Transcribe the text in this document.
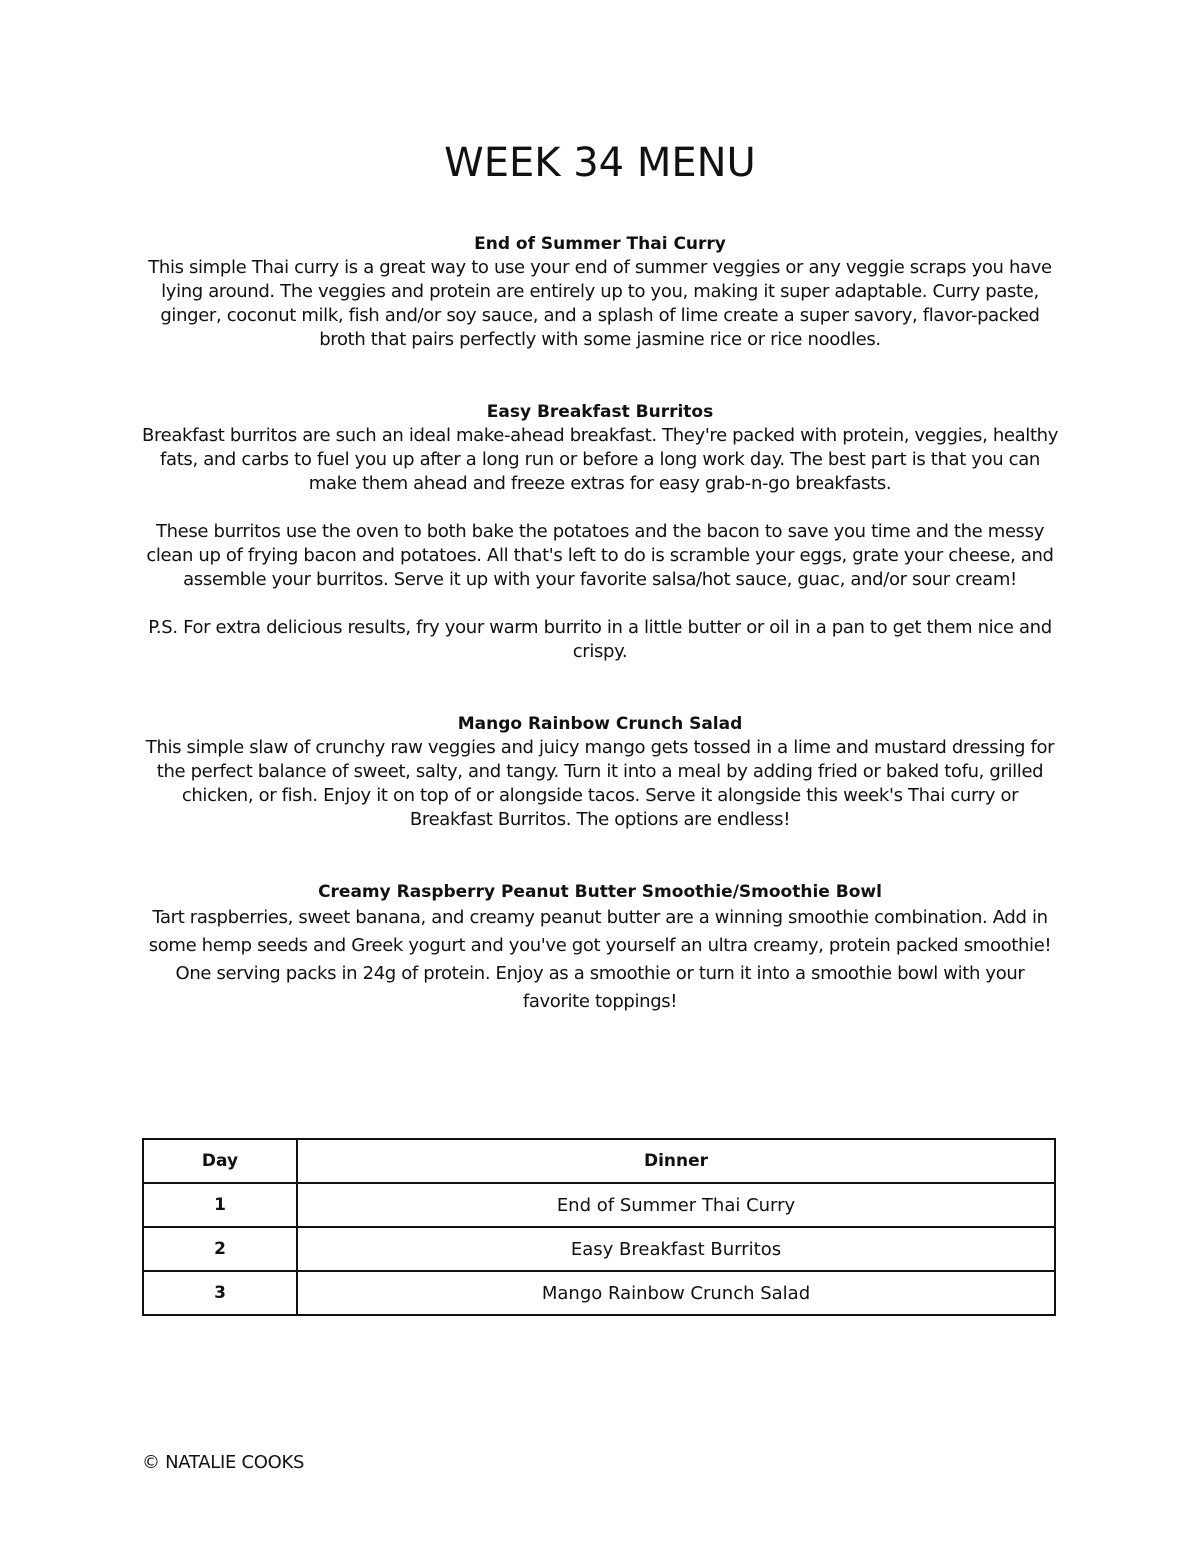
WEEK 34 MENU

End of Summer Thai Curry

This simple Thai curry is a great way to use your end of summer veggies or any veggie scraps you have lying around. The veggies and protein are entirely up to you, making it super adaptable. Curry paste, ginger, coconut milk, fish and/or soy sauce, and a splash of lime create a super savory, flavor-packed broth that pairs perfectly with some jasmine rice or rice noodles.

Easy Breakfast Burritos

Breakfast burritos are such an ideal make-ahead breakfast. They're packed with protein, veggies, healthy fats, and carbs to fuel you up after a long run or before a long work day. The best part is that you can make them ahead and freeze extras for easy grab-n-go breakfasts.

These burritos use the oven to both bake the potatoes and the bacon to save you time and the messy clean up of frying bacon and potatoes. All that's left to do is scramble your eggs, grate your cheese, and assemble your burritos. Serve it up with your favorite salsa/hot sauce, guac, and/or sour cream!

P.S. For extra delicious results, fry your warm burrito in a little butter or oil in a pan to get them nice and crispy.

Mango Rainbow Crunch Salad

This simple slaw of crunchy raw veggies and juicy mango gets tossed in a lime and mustard dressing for the perfect balance of sweet, salty, and tangy. Turn it into a meal by adding fried or baked tofu, grilled chicken, or fish. Enjoy it on top of or alongside tacos. Serve it alongside this week's Thai curry or Breakfast Burritos. The options are endless!

Creamy Raspberry Peanut Butter Smoothie/Smoothie Bowl

Tart raspberries, sweet banana, and creamy peanut butter are a winning smoothie combination. Add in some hemp seeds and Greek yogurt and you've got yourself an ultra creamy, protein packed smoothie! One serving packs in 24g of protein. Enjoy as a smoothie or turn it into a smoothie bowl with your favorite toppings!

Day	Dinner
1	End of Summer Thai Curry
2	Easy Breakfast Burritos
3	Mango Rainbow Crunch Salad
© NATALIE COOKS
